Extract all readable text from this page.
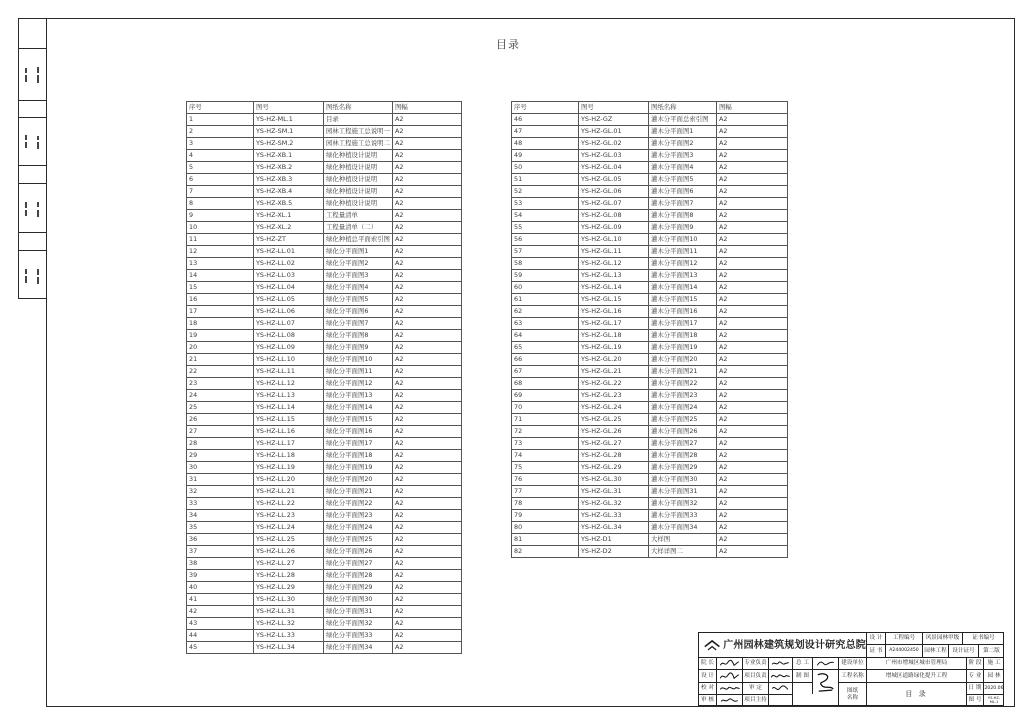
目录
序号	图号	图纸名称	图幅
1	YS-HZ-ML.1	目录	A2
2	YS-HZ-SM.1	园林工程施工总说明一	A2
3	YS-HZ-SM.2	园林工程施工总说明二	A2
4	YS-HZ-XB.1	绿化种植设计说明	A2
5	YS-HZ-XB.2	绿化种植设计说明	A2
6	YS-HZ-XB.3	绿化种植设计说明	A2
7	YS-HZ-XB.4	绿化种植设计说明	A2
8	YS-HZ-XB.5	绿化种植设计说明	A2
9	YS-HZ-XL.1	工程量清单	A2
10	YS-HZ-XL.2	工程量清单（二）	A2
11	YS-HZ-ZT	绿化种植总平面索引图	A2
12	YS-HZ-LL.01	绿化分平面图1	A2
13	YS-HZ-LL.02	绿化分平面图2	A2
14	YS-HZ-LL.03	绿化分平面图3	A2
15	YS-HZ-LL.04	绿化分平面图4	A2
16	YS-HZ-LL.05	绿化分平面图5	A2
17	YS-HZ-LL.06	绿化分平面图6	A2
18	YS-HZ-LL.07	绿化分平面图7	A2
19	YS-HZ-LL.08	绿化分平面图8	A2
20	YS-HZ-LL.09	绿化分平面图9	A2
21	YS-HZ-LL.10	绿化分平面图10	A2
22	YS-HZ-LL.11	绿化分平面图11	A2
23	YS-HZ-LL.12	绿化分平面图12	A2
24	YS-HZ-LL.13	绿化分平面图13	A2
25	YS-HZ-LL.14	绿化分平面图14	A2
26	YS-HZ-LL.15	绿化分平面图15	A2
27	YS-HZ-LL.16	绿化分平面图16	A2
28	YS-HZ-LL.17	绿化分平面图17	A2
29	YS-HZ-LL.18	绿化分平面图18	A2
30	YS-HZ-LL.19	绿化分平面图19	A2
31	YS-HZ-LL.20	绿化分平面图20	A2
32	YS-HZ-LL.21	绿化分平面图21	A2
33	YS-HZ-LL.22	绿化分平面图22	A2
34	YS-HZ-LL.23	绿化分平面图23	A2
35	YS-HZ-LL.24	绿化分平面图24	A2
36	YS-HZ-LL.25	绿化分平面图25	A2
37	YS-HZ-LL.26	绿化分平面图26	A2
38	YS-HZ-LL.27	绿化分平面图27	A2
39	YS-HZ-LL.28	绿化分平面图28	A2
40	YS-HZ-LL.29	绿化分平面图29	A2
41	YS-HZ-LL.30	绿化分平面图30	A2
42	YS-HZ-LL.31	绿化分平面图31	A2
43	YS-HZ-LL.32	绿化分平面图32	A2
44	YS-HZ-LL.33	绿化分平面图33	A2
45	YS-HZ-LL.34	绿化分平面图34	A2
序号	图号	图纸名称	图幅
46	YS-HZ-GZ	灌木分平面总索引图	A2
47	YS-HZ-GL.01	灌木分平面图1	A2
48	YS-HZ-GL.02	灌木分平面图2	A2
49	YS-HZ-GL.03	灌木分平面图3	A2
50	YS-HZ-GL.04	灌木分平面图4	A2
51	YS-HZ-GL.05	灌木分平面图5	A2
52	YS-HZ-GL.06	灌木分平面图6	A2
53	YS-HZ-GL.07	灌木分平面图7	A2
54	YS-HZ-GL.08	灌木分平面图8	A2
55	YS-HZ-GL.09	灌木分平面图9	A2
56	YS-HZ-GL.10	灌木分平面图10	A2
57	YS-HZ-GL.11	灌木分平面图11	A2
58	YS-HZ-GL.12	灌木分平面图12	A2
59	YS-HZ-GL.13	灌木分平面图13	A2
60	YS-HZ-GL.14	灌木分平面图14	A2
61	YS-HZ-GL.15	灌木分平面图15	A2
62	YS-HZ-GL.16	灌木分平面图16	A2
63	YS-HZ-GL.17	灌木分平面图17	A2
64	YS-HZ-GL.18	灌木分平面图18	A2
65	YS-HZ-GL.19	灌木分平面图19	A2
66	YS-HZ-GL.20	灌木分平面图20	A2
67	YS-HZ-GL.21	灌木分平面图21	A2
68	YS-HZ-GL.22	灌木分平面图22	A2
69	YS-HZ-GL.23	灌木分平面图23	A2
70	YS-HZ-GL.24	灌木分平面图24	A2
71	YS-HZ-GL.25	灌木分平面图25	A2
72	YS-HZ-GL.26	灌木分平面图26	A2
73	YS-HZ-GL.27	灌木分平面图27	A2
74	YS-HZ-GL.28	灌木分平面图28	A2
75	YS-HZ-GL.29	灌木分平面图29	A2
76	YS-HZ-GL.30	灌木分平面图30	A2
77	YS-HZ-GL.31	灌木分平面图31	A2
78	YS-HZ-GL.32	灌木分平面图32	A2
79	YS-HZ-GL.33	灌木分平面图33	A2
80	YS-HZ-GL.34	灌木分平面图34	A2
81	YS-HZ-D1	大样图	A2
82	YS-HZ-D2	大样详图二	A2
广州园林建筑规划设计研究总院
设 计	工程编号	风景园林甲级	证书编号
证 书	A244002450 园林工程	设计证号	第二版
院 长	专业负责	总 工	建设单位	广州市增城区城市管理局	阶 段	施 工
设 计	项目负责	制 图	工程名称	增城区道路绿化提升工程	专 业	园 林
校 对	审 定	图纸名称	目 录
日 期 2020.06
审 核	项目主持	图 号	YS-HZ-ML.1
